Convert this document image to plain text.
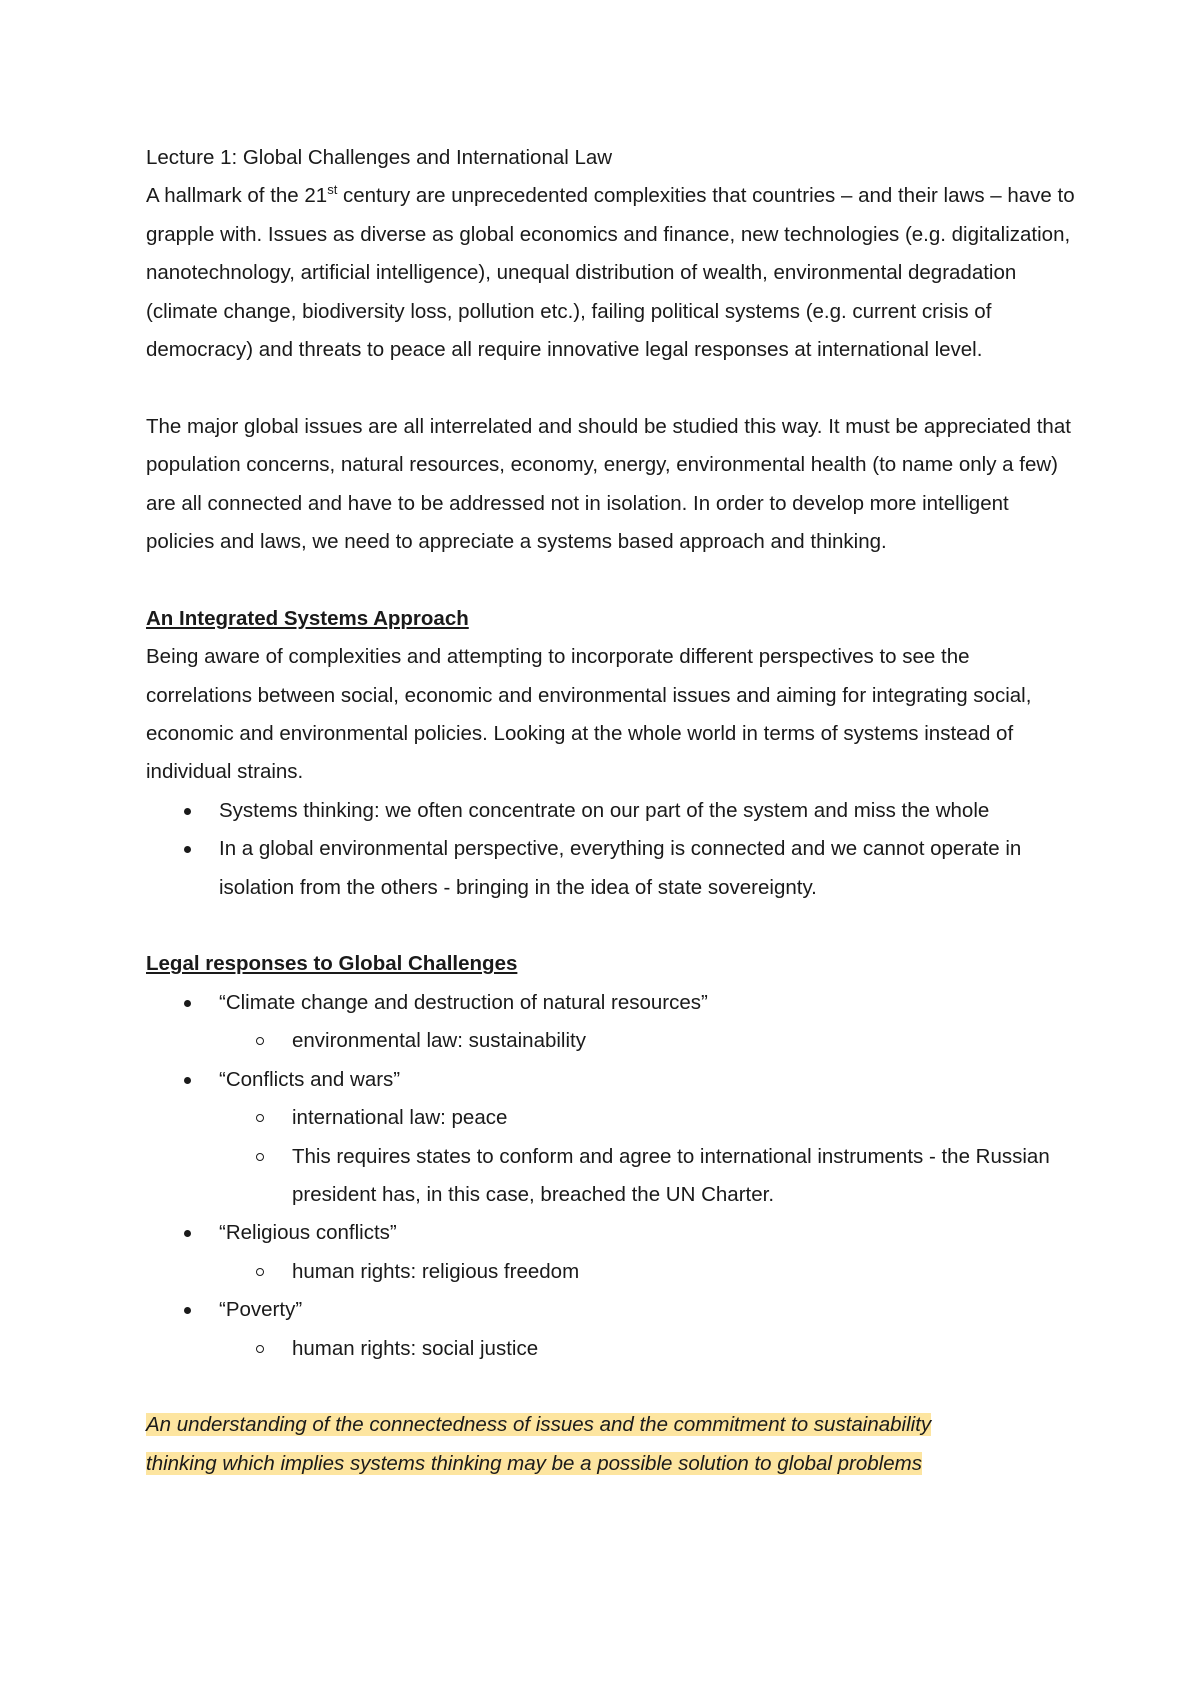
Lecture 1: Global Challenges and International Law

A hallmark of the 21st century are unprecedented complexities that countries – and their laws – have to grapple with. Issues as diverse as global economics and finance, new technologies (e.g. digitalization, nanotechnology, artificial intelligence), unequal distribution of wealth, environmental degradation (climate change, biodiversity loss, pollution etc.), failing political systems (e.g. current crisis of democracy) and threats to peace all require innovative legal responses at international level.

The major global issues are all interrelated and should be studied this way. It must be appreciated that population concerns, natural resources, economy, energy, environmental health (to name only a few) are all connected and have to be addressed not in isolation. In order to develop more intelligent policies and laws, we need to appreciate a systems based approach and thinking.

An Integrated Systems Approach

Being aware of complexities and attempting to incorporate different perspectives to see the correlations between social, economic and environmental issues and aiming for integrating social, economic and environmental policies. Looking at the whole world in terms of systems instead of individual strains.

Systems thinking: we often concentrate on our part of the system and miss the whole
In a global environmental perspective, everything is connected and we cannot operate in isolation from the others - bringing in the idea of state sovereignty.

Legal responses to Global Challenges

“Climate change and destruction of natural resources”
environmental law: sustainability
“Conflicts and wars”
international law: peace
This requires states to conform and agree to international instruments - the Russian president has, in this case, breached the UN Charter.
“Religious conflicts”
human rights: religious freedom
“Poverty”
human rights: social justice

An understanding of the connectedness of issues and the commitment to sustainability
thinking which implies systems thinking may be a possible solution to global problems
